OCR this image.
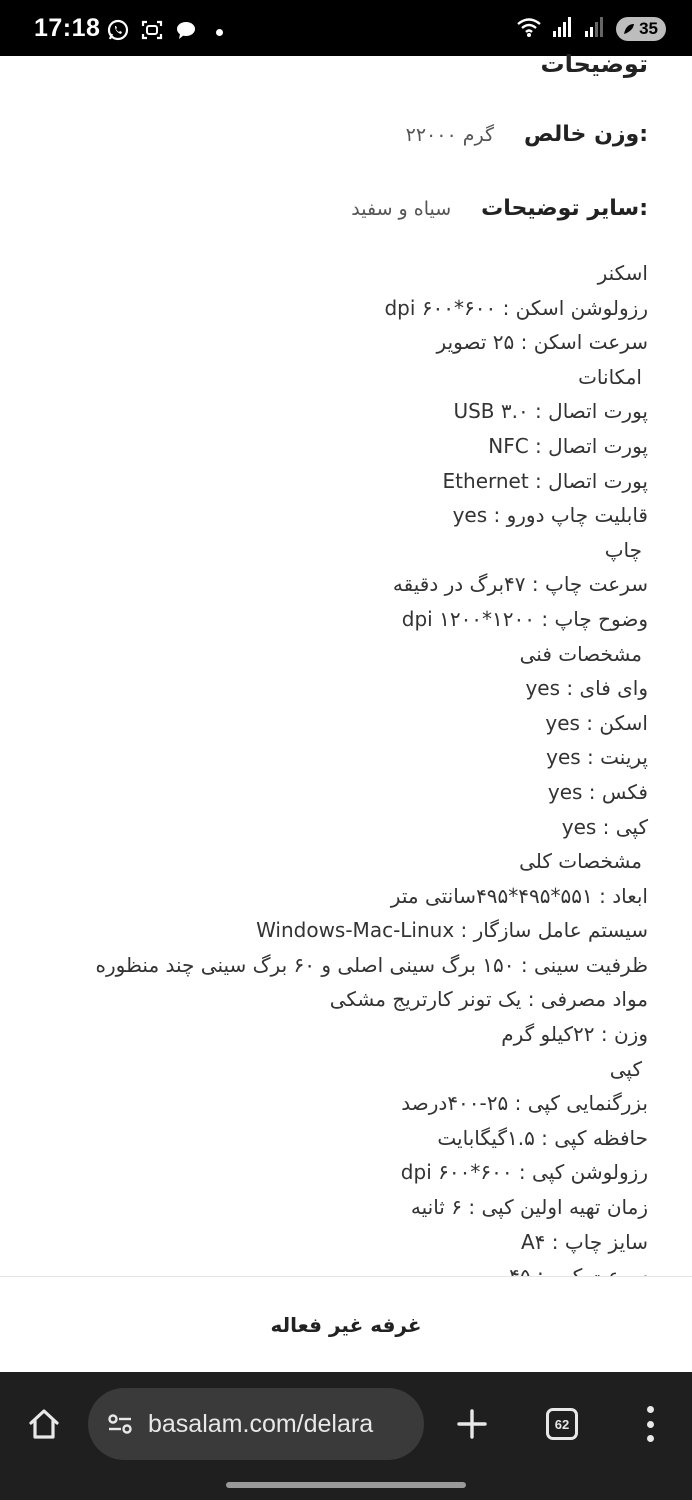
17:18	35
توضیحات
وزن خالص:
۲۲۰۰۰ گرم
سایر توضیحات:
سیاه و سفید
اسکنر
رزولوشن اسکن : ۶۰۰*۶۰۰ dpi
سرعت اسکن : ۲۵ تصویر
امکانات
پورت اتصال : USB ۳.۰
پورت اتصال : NFC
پورت اتصال : Ethernet
قابلیت چاپ دورو : yes
چاپ
سرعت چاپ : ۴۷برگ در دقیقه
وضوح چاپ : ۱۲۰۰*۱۲۰۰ dpi
مشخصات فنی
وای فای : yes
اسکن : yes
پرینت : yes
فکس : yes
کپی : yes
مشخصات کلی
ابعاد : ۵۵۱*۴۹۵*۴۹۵سانتی متر
سیستم عامل سازگار : Windows-Mac-Linux
ظرفیت سینی : ۱۵۰ برگ سینی اصلی و ۶۰ برگ سینی چند منظوره
مواد مصرفی : یک تونر کارتریج مشکی
وزن : ۲۲کیلو گرم
کپی
بزرگنمایی کپی : ۲۵-۴۰۰درصد
حافظه کپی : ۱.۵گیگابایت
رزولوشن کپی : ۶۰۰*۶۰۰ dpi
زمان تهیه اولین کپی : ۶ ثانیه
سایز چاپ : A۴
غرفه غیر فعاله
basalam.com/delara	62
